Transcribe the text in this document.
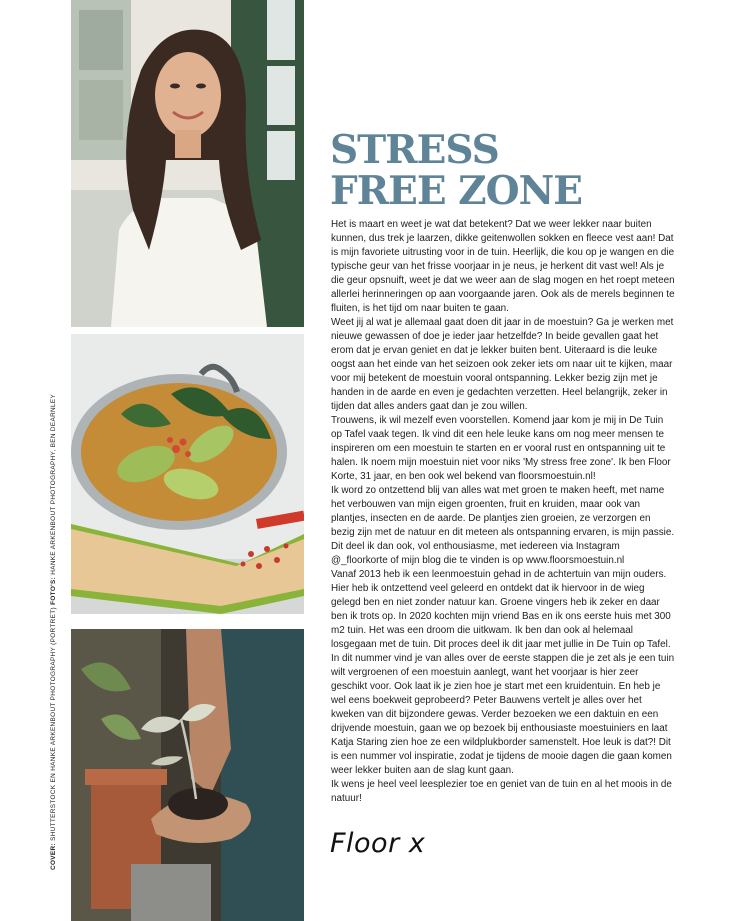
COVER: SHUTTERSTOCK EN HANKE ARKENBOUT PHOTOGRAPHY (PORTRET) FOTO'S: HANKE ARKENBOUT PHOTOGRAPHY, BEN DEARNLEY
STRESS
FREE ZONE

Het is maart en weet je wat dat betekent? Dat we weer lekker naar buiten kunnen, dus trek je laarzen, dikke geitenwollen sokken en fleece vest aan! Dat is mijn favoriete uitrusting voor in de tuin. Heerlijk, die kou op je wangen en die typische geur van het frisse voorjaar in je neus, je herkent dit vast wel! Als je die geur opsnuift, weet je dat we weer aan de slag mogen en het roept meteen allerlei herinneringen op aan voorgaande jaren. Ook als de merels beginnen te fluiten, is het tijd om naar buiten te gaan.

Weet jij al wat je allemaal gaat doen dit jaar in de moestuin? Ga je werken met nieuwe gewassen of doe je ieder jaar hetzelfde? In beide gevallen gaat het erom dat je ervan geniet en dat je lekker buiten bent. Uiteraard is die leuke oogst aan het einde van het seizoen ook zeker iets om naar uit te kijken, maar voor mij betekent de moestuin vooral ontspanning. Lekker bezig zijn met je handen in de aarde en even je gedachten verzetten. Heel belangrijk, zeker in tijden dat alles anders gaat dan je zou willen.

Trouwens, ik wil mezelf even voorstellen. Komend jaar kom je mij in De Tuin op Tafel vaak tegen. Ik vind dit een hele leuke kans om nog meer mensen te inspireren om een moestuin te starten en er vooral rust en ontspanning uit te halen. Ik noem mijn moestuin niet voor niks 'My stress free zone'. Ik ben Floor Korte, 31 jaar, en ben ook wel bekend van floorsmoestuin.nl!

Ik word zo ontzettend blij van alles wat met groen te maken heeft, met name het verbouwen van mijn eigen groenten, fruit en kruiden, maar ook van plantjes, insecten en de aarde. De plantjes zien groeien, ze verzorgen en bezig zijn met de natuur en dit meteen als ontspanning ervaren, is mijn passie. Dit deel ik dan ook, vol enthousiasme, met iedereen via Instagram @_floorkorte of mijn blog die te vinden is op www.floorsmoestuin.nl

Vanaf 2013 heb ik een leenmoestuin gehad in de achtertuin van mijn ouders. Hier heb ik ontzettend veel geleerd en ontdekt dat ik hiervoor in de wieg gelegd ben en niet zonder natuur kan. Groene vingers heb ik zeker en daar ben ik trots op. In 2020 kochten mijn vriend Bas en ik ons eerste huis met 300 m2 tuin. Het was een droom die uitkwam. Ik ben dan ook al helemaal losgegaan met de tuin. Dit proces deel ik dit jaar met jullie in De Tuin op Tafel.

In dit nummer vind je van alles over de eerste stappen die je zet als je een tuin wilt vergroenen of een moestuin aanlegt, want het voorjaar is hier zeer geschikt voor. Ook laat ik je zien hoe je start met een kruidentuin. En heb je wel eens boekweit geprobeerd? Peter Bauwens vertelt je alles over het kweken van dit bijzondere gewas. Verder bezoeken we een daktuin en een drijvende moestuin, gaan we op bezoek bij enthousiaste moestuiniers en laat Katja Staring zien hoe ze een wildplukborder samenstelt. Hoe leuk is dat?! Dit is een nummer vol inspiratie, zodat je tijdens de mooie dagen die gaan komen weer lekker buiten aan de slag kunt gaan.

Ik wens je heel veel leesplezier toe en geniet van de tuin en al het moois in de natuur!

Floor x
